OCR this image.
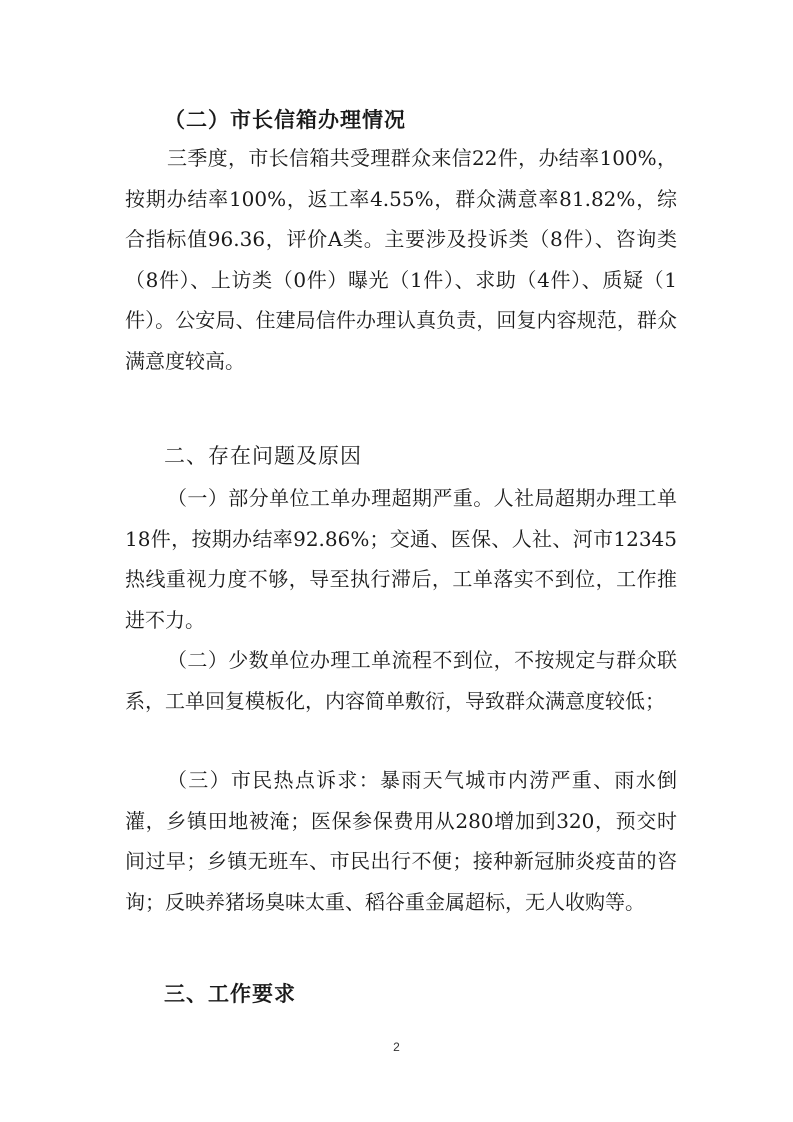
（二）市长信箱办理情况

三季度，市长信箱共受理群众来信22件，办结率100%，按期办结率100%，返工率4.55%，群众满意率81.82%，综合指标值96.36，评价A类。主要涉及投诉类（8件）、咨询类（8件）、上访类（0件）曝光（1件）、求助（4件）、质疑（1件）。公安局、住建局信件办理认真负责，回复内容规范，群众满意度较高。

二、存在问题及原因

（一）部分单位工单办理超期严重。人社局超期办理工单18件，按期办结率92.86%；交通、医保、人社、河市12345热线重视力度不够，导至执行滞后，工单落实不到位，工作推进不力。

（二）少数单位办理工单流程不到位，不按规定与群众联系，工单回复模板化，内容简单敷衍，导致群众满意度较低；

（三）市民热点诉求：暴雨天气城市内涝严重、雨水倒灌，乡镇田地被淹；医保参保费用从280增加到320，预交时间过早；乡镇无班车、市民出行不便；接种新冠肺炎疫苗的咨询；反映养猪场臭味太重、稻谷重金属超标，无人收购等。

三、工作要求
2
